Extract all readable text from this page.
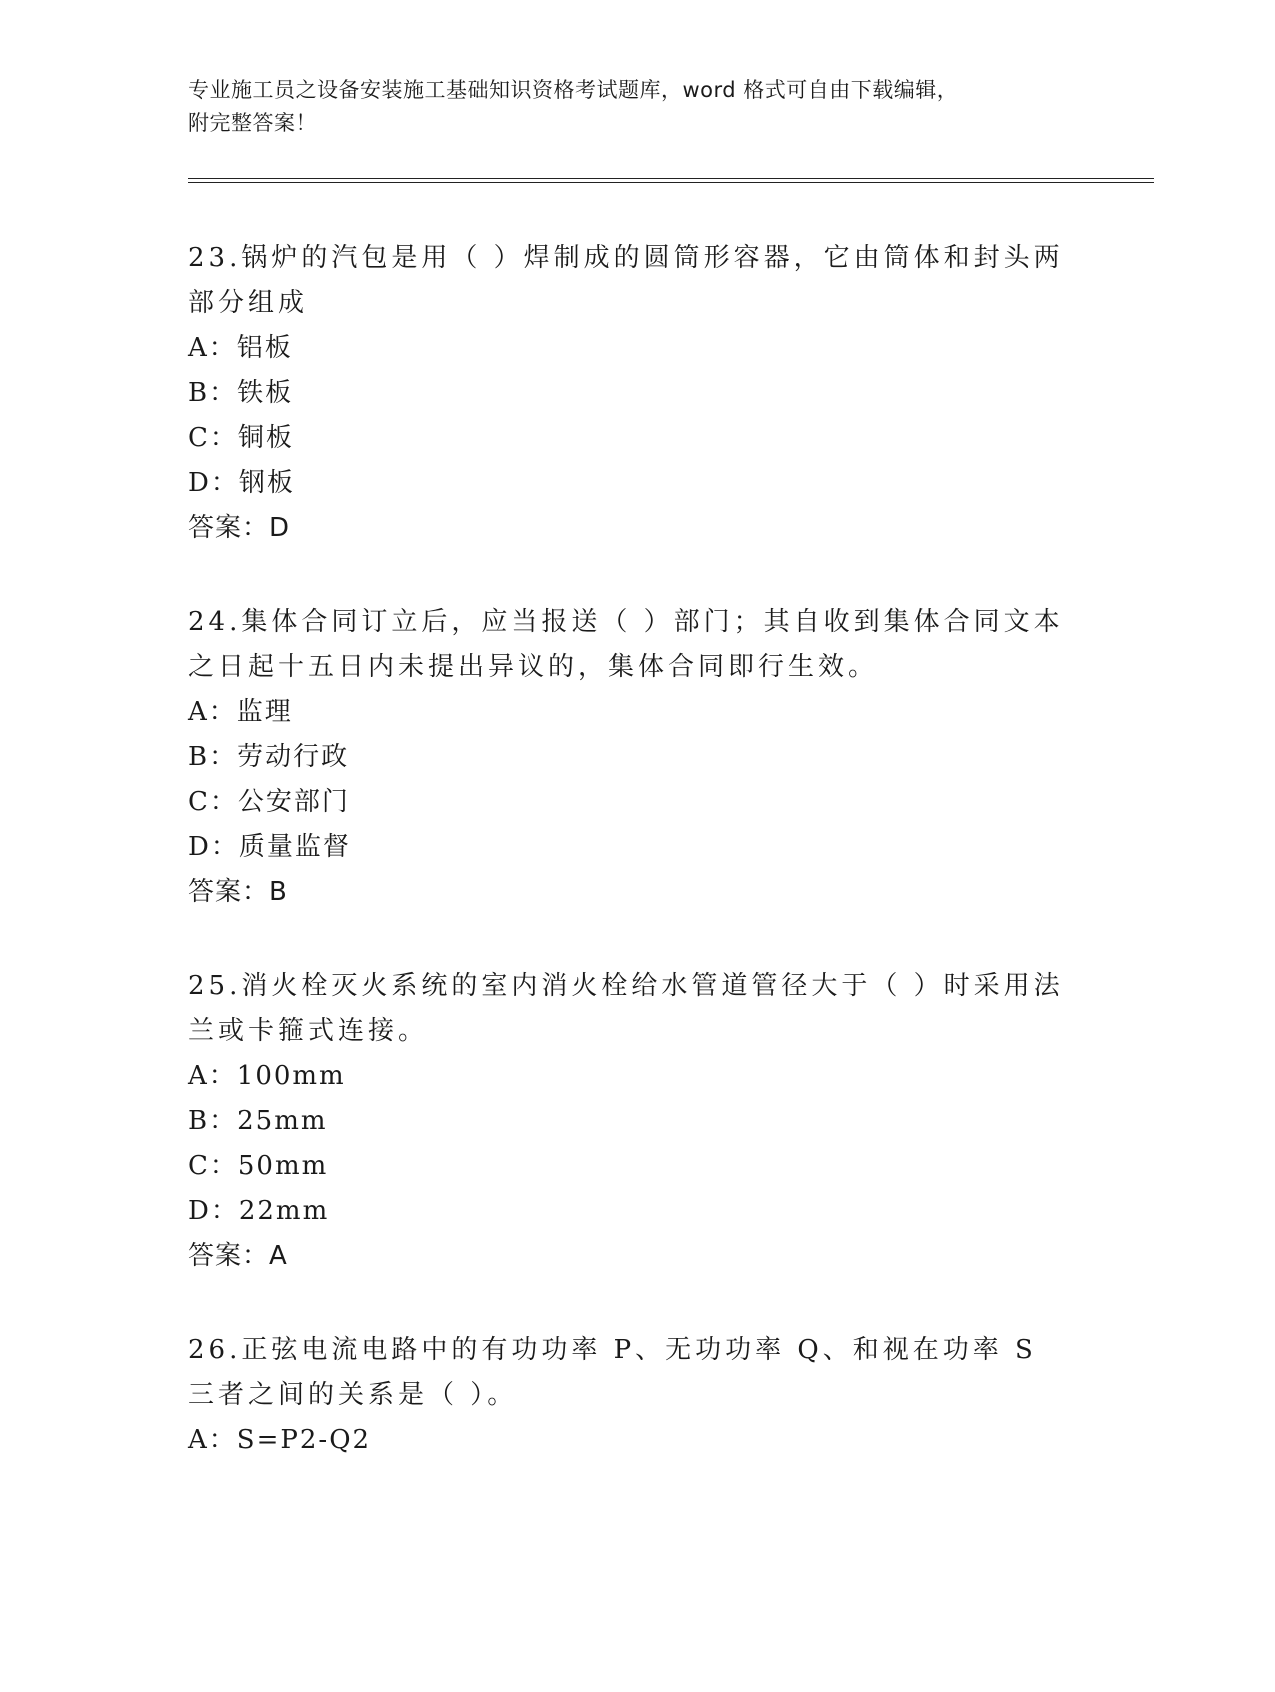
专业施工员之设备安装施工基础知识资格考试题库，word 格式可自由下载编辑，
附完整答案！

23.锅炉的汽包是用（ ）焊制成的圆筒形容器，它由筒体和封头两部分组成

A：铝板

B：铁板

C：铜板

D：钢板

答案：D

24.集体合同订立后，应当报送（ ）部门；其自收到集体合同文本之日起十五日内未提出异议的，集体合同即行生效。

A：监理

B：劳动行政

C：公安部门

D：质量监督

答案：B

25.消火栓灭火系统的室内消火栓给水管道管径大于（ ）时采用法兰或卡箍式连接。

A：100mm

B：25mm

C：50mm

D：22mm

答案：A

26.正弦电流电路中的有功功率 P、无功功率 Q、和视在功率 S 三者之间的关系是（ ）。

A：S=P2-Q2
